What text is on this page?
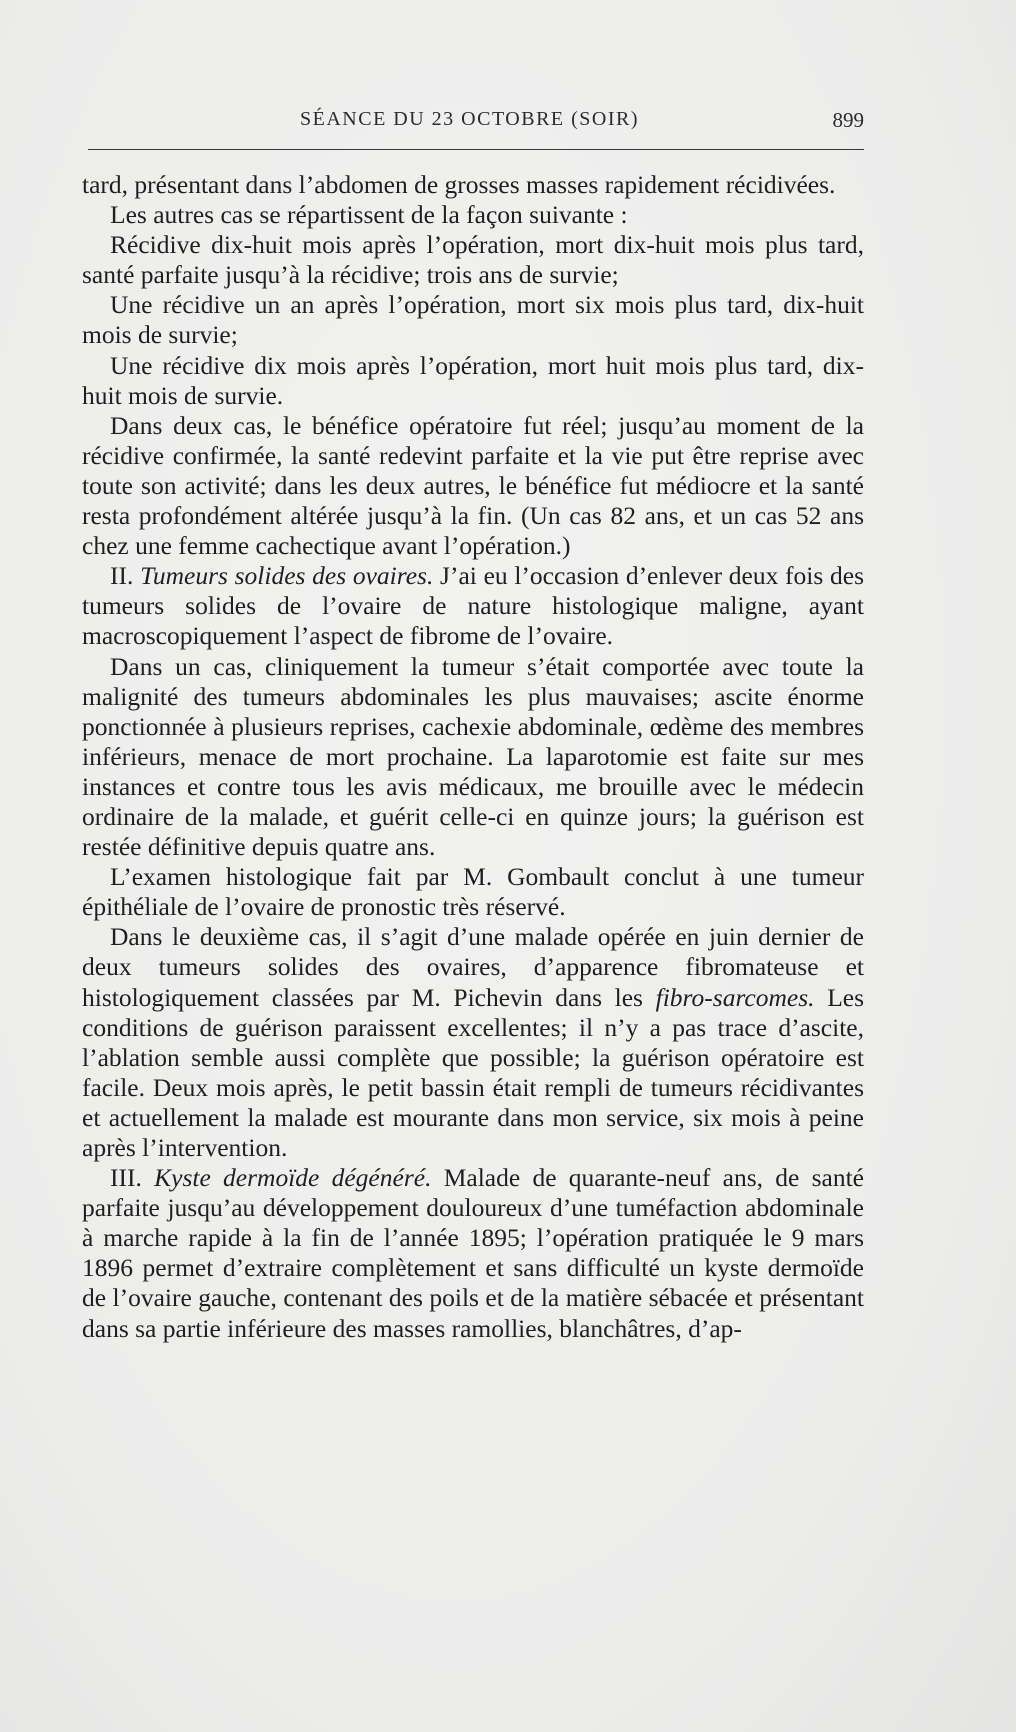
SÉANCE DU 23 OCTOBRE (SOIR)	899

tard, présentant dans l’abdomen de grosses masses rapidement récidivées.

Les autres cas se répartissent de la façon suivante :

Récidive dix-huit mois après l’opération, mort dix-huit mois plus tard, santé parfaite jusqu’à la récidive; trois ans de survie;

Une récidive un an après l’opération, mort six mois plus tard, dix-huit mois de survie;

Une récidive dix mois après l’opération, mort huit mois plus tard, dix-huit mois de survie.

Dans deux cas, le bénéfice opératoire fut réel; jusqu’au moment de la récidive confirmée, la santé redevint parfaite et la vie put être reprise avec toute son activité; dans les deux autres, le bénéfice fut médiocre et la santé resta profondément altérée jusqu’à la fin. (Un cas 82 ans, et un cas 52 ans chez une femme cachectique avant l’opération.)

II. Tumeurs solides des ovaires. J’ai eu l’occasion d’enlever deux fois des tumeurs solides de l’ovaire de nature histologique maligne, ayant macroscopiquement l’aspect de fibrome de l’ovaire.

Dans un cas, cliniquement la tumeur s’était comportée avec toute la malignité des tumeurs abdominales les plus mauvaises; ascite énorme ponctionnée à plusieurs reprises, cachexie abdominale, œdème des membres inférieurs, menace de mort prochaine. La laparotomie est faite sur mes instances et contre tous les avis médicaux, me brouille avec le médecin ordinaire de la malade, et guérit celle-ci en quinze jours; la guérison est restée définitive depuis quatre ans.

L’examen histologique fait par M. Gombault conclut à une tumeur épithéliale de l’ovaire de pronostic très réservé.

Dans le deuxième cas, il s’agit d’une malade opérée en juin dernier de deux tumeurs solides des ovaires, d’apparence fibromateuse et histologiquement classées par M. Pichevin dans les fibro-sarcomes. Les conditions de guérison paraissent excellentes; il n’y a pas trace d’ascite, l’ablation semble aussi complète que possible; la guérison opératoire est facile. Deux mois après, le petit bassin était rempli de tumeurs récidivantes et actuellement la malade est mourante dans mon service, six mois à peine après l’intervention.

III. Kyste dermoïde dégénéré. Malade de quarante-neuf ans, de santé parfaite jusqu’au développement douloureux d’une tuméfaction abdominale à marche rapide à la fin de l’année 1895; l’opération pratiquée le 9 mars 1896 permet d’extraire complètement et sans difficulté un kyste dermoïde de l’ovaire gauche, contenant des poils et de la matière sébacée et présentant dans sa partie inférieure des masses ramollies, blanchâtres, d’ap-
